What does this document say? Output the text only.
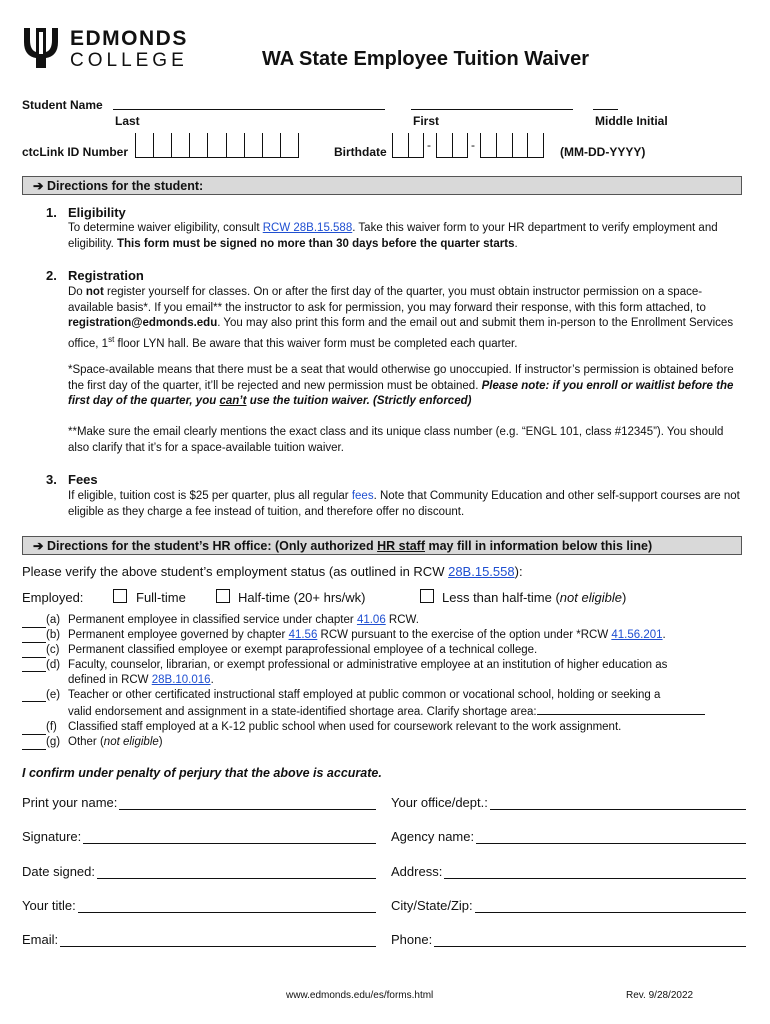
EDMONDS
COLLEGE	WA State Employee Tuition Waiver
Student Name
Last	First	Middle Initial
ctcLink ID Number	Birthdate	-	-	(MM-DD-YYYY)
➔ Directions for the student:
1. Eligibility
To determine waiver eligibility, consult RCW 28B.15.588. Take this waiver form to your HR department to verify employment and eligibility. This form must be signed no more than 30 days before the quarter starts.
2. Registration
Do not register yourself for classes. On or after the first day of the quarter, you must obtain instructor permission on a space-available basis*. If you email** the instructor to ask for permission, you may forward their response, with this form attached, to registration@edmonds.edu. You may also print this form and the email out and submit them in-person to the Enrollment Services office, 1st floor LYN hall. Be aware that this waiver form must be completed each quarter.
*Space-available means that there must be a seat that would otherwise go unoccupied. If instructor’s permission is obtained before the first day of the quarter, it’ll be rejected and new permission must be obtained. Please note: if you enroll or waitlist before the first day of the quarter, you can’t use the tuition waiver. (Strictly enforced)
**Make sure the email clearly mentions the exact class and its unique class number (e.g. “ENGL 101, class #12345”). You should also clarify that it’s for a space-available tuition waiver.
3. Fees
If eligible, tuition cost is $25 per quarter, plus all regular fees. Note that Community Education and other self-support courses are not eligible as they charge a fee instead of tuition, and therefore offer no discount.
➔ Directions for the student’s HR office: (Only authorized HR staff may fill in information below this line)
Please verify the above student’s employment status (as outlined in RCW 28B.15.558):
Employed:	Full-time	Half-time (20+ hrs/wk)	Less than half-time (not eligible)
(a) Permanent employee in classified service under chapter 41.06 RCW.
(b) Permanent employee governed by chapter 41.56 RCW pursuant to the exercise of the option under *RCW 41.56.201.
(c) Permanent classified employee or exempt paraprofessional employee of a technical college.
(d) Faculty, counselor, librarian, or exempt professional or administrative employee at an institution of higher education as
defined in RCW 28B.10.016.
(e) Teacher or other certificated instructional staff employed at public common or vocational school, holding or seeking a
valid endorsement and assignment in a state-identified shortage area. Clarify shortage area:
(f) Classified staff employed at a K-12 public school when used for coursework relevant to the work assignment.
(g) Other (not eligible)
I confirm under penalty of perjury that the above is accurate.
Print your name:	Your office/dept.:
Signature:	Agency name:
Date signed:	Address:
Your title:	City/State/Zip:
Email:	Phone:
www.edmonds.edu/es/forms.html	Rev. 9/28/2022
